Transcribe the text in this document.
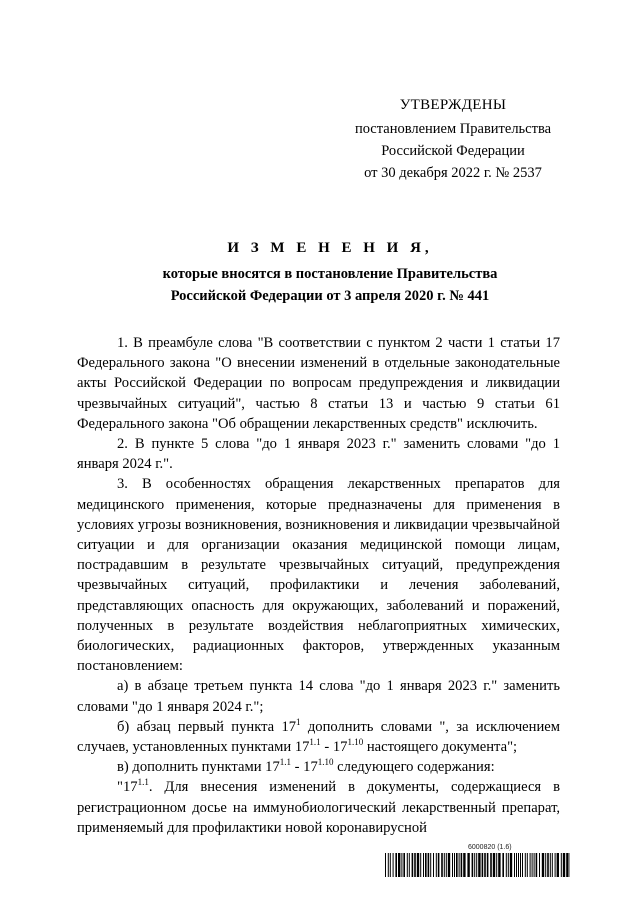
УТВЕРЖДЕНЫ
постановлением Правительства
Российской Федерации
от 30 декабря 2022 г. № 2537
И З М Е Н Е Н И Я,
которые вносятся в постановление Правительства
Российской Федерации от 3 апреля 2020 г. № 441

1. В преамбуле слова "В соответствии с пунктом 2 части 1 статьи 17 Федерального закона "О внесении изменений в отдельные законодательные акты Российской Федерации по вопросам предупреждения и ликвидации чрезвычайных ситуаций", частью 8 статьи 13 и частью 9 статьи 61 Федерального закона "Об обращении лекарственных средств" исключить.

2. В пункте 5 слова "до 1 января 2023 г." заменить словами "до 1 января 2024 г.".

3. В особенностях обращения лекарственных препаратов для медицинского применения, которые предназначены для применения в условиях угрозы возникновения, возникновения и ликвидации чрезвычайной ситуации и для организации оказания медицинской помощи лицам, пострадавшим в результате чрезвычайных ситуаций, предупреждения чрезвычайных ситуаций, профилактики и лечения заболеваний, представляющих опасность для окружающих, заболеваний и поражений, полученных в результате воздействия неблагоприятных химических, биологических, радиационных факторов, утвержденных указанным постановлением:

а) в абзаце третьем пункта 14 слова "до 1 января 2023 г." заменить словами "до 1 января 2024 г.";

б) абзац первый пункта $17^1$ дополнить словами ", за исключением случаев, установленных пунктами $17^{1.1} - 17^{1.10}$ настоящего документа";

в) дополнить пунктами $17^{1.1} - 17^{1.10}$ следующего содержания:

"$17^{1.1}$. Для внесения изменений в документы, содержащиеся в регистрационном досье на иммунобиологический лекарственный препарат, применяемый для профилактики новой коронавирусной

6000820 (1.6)
